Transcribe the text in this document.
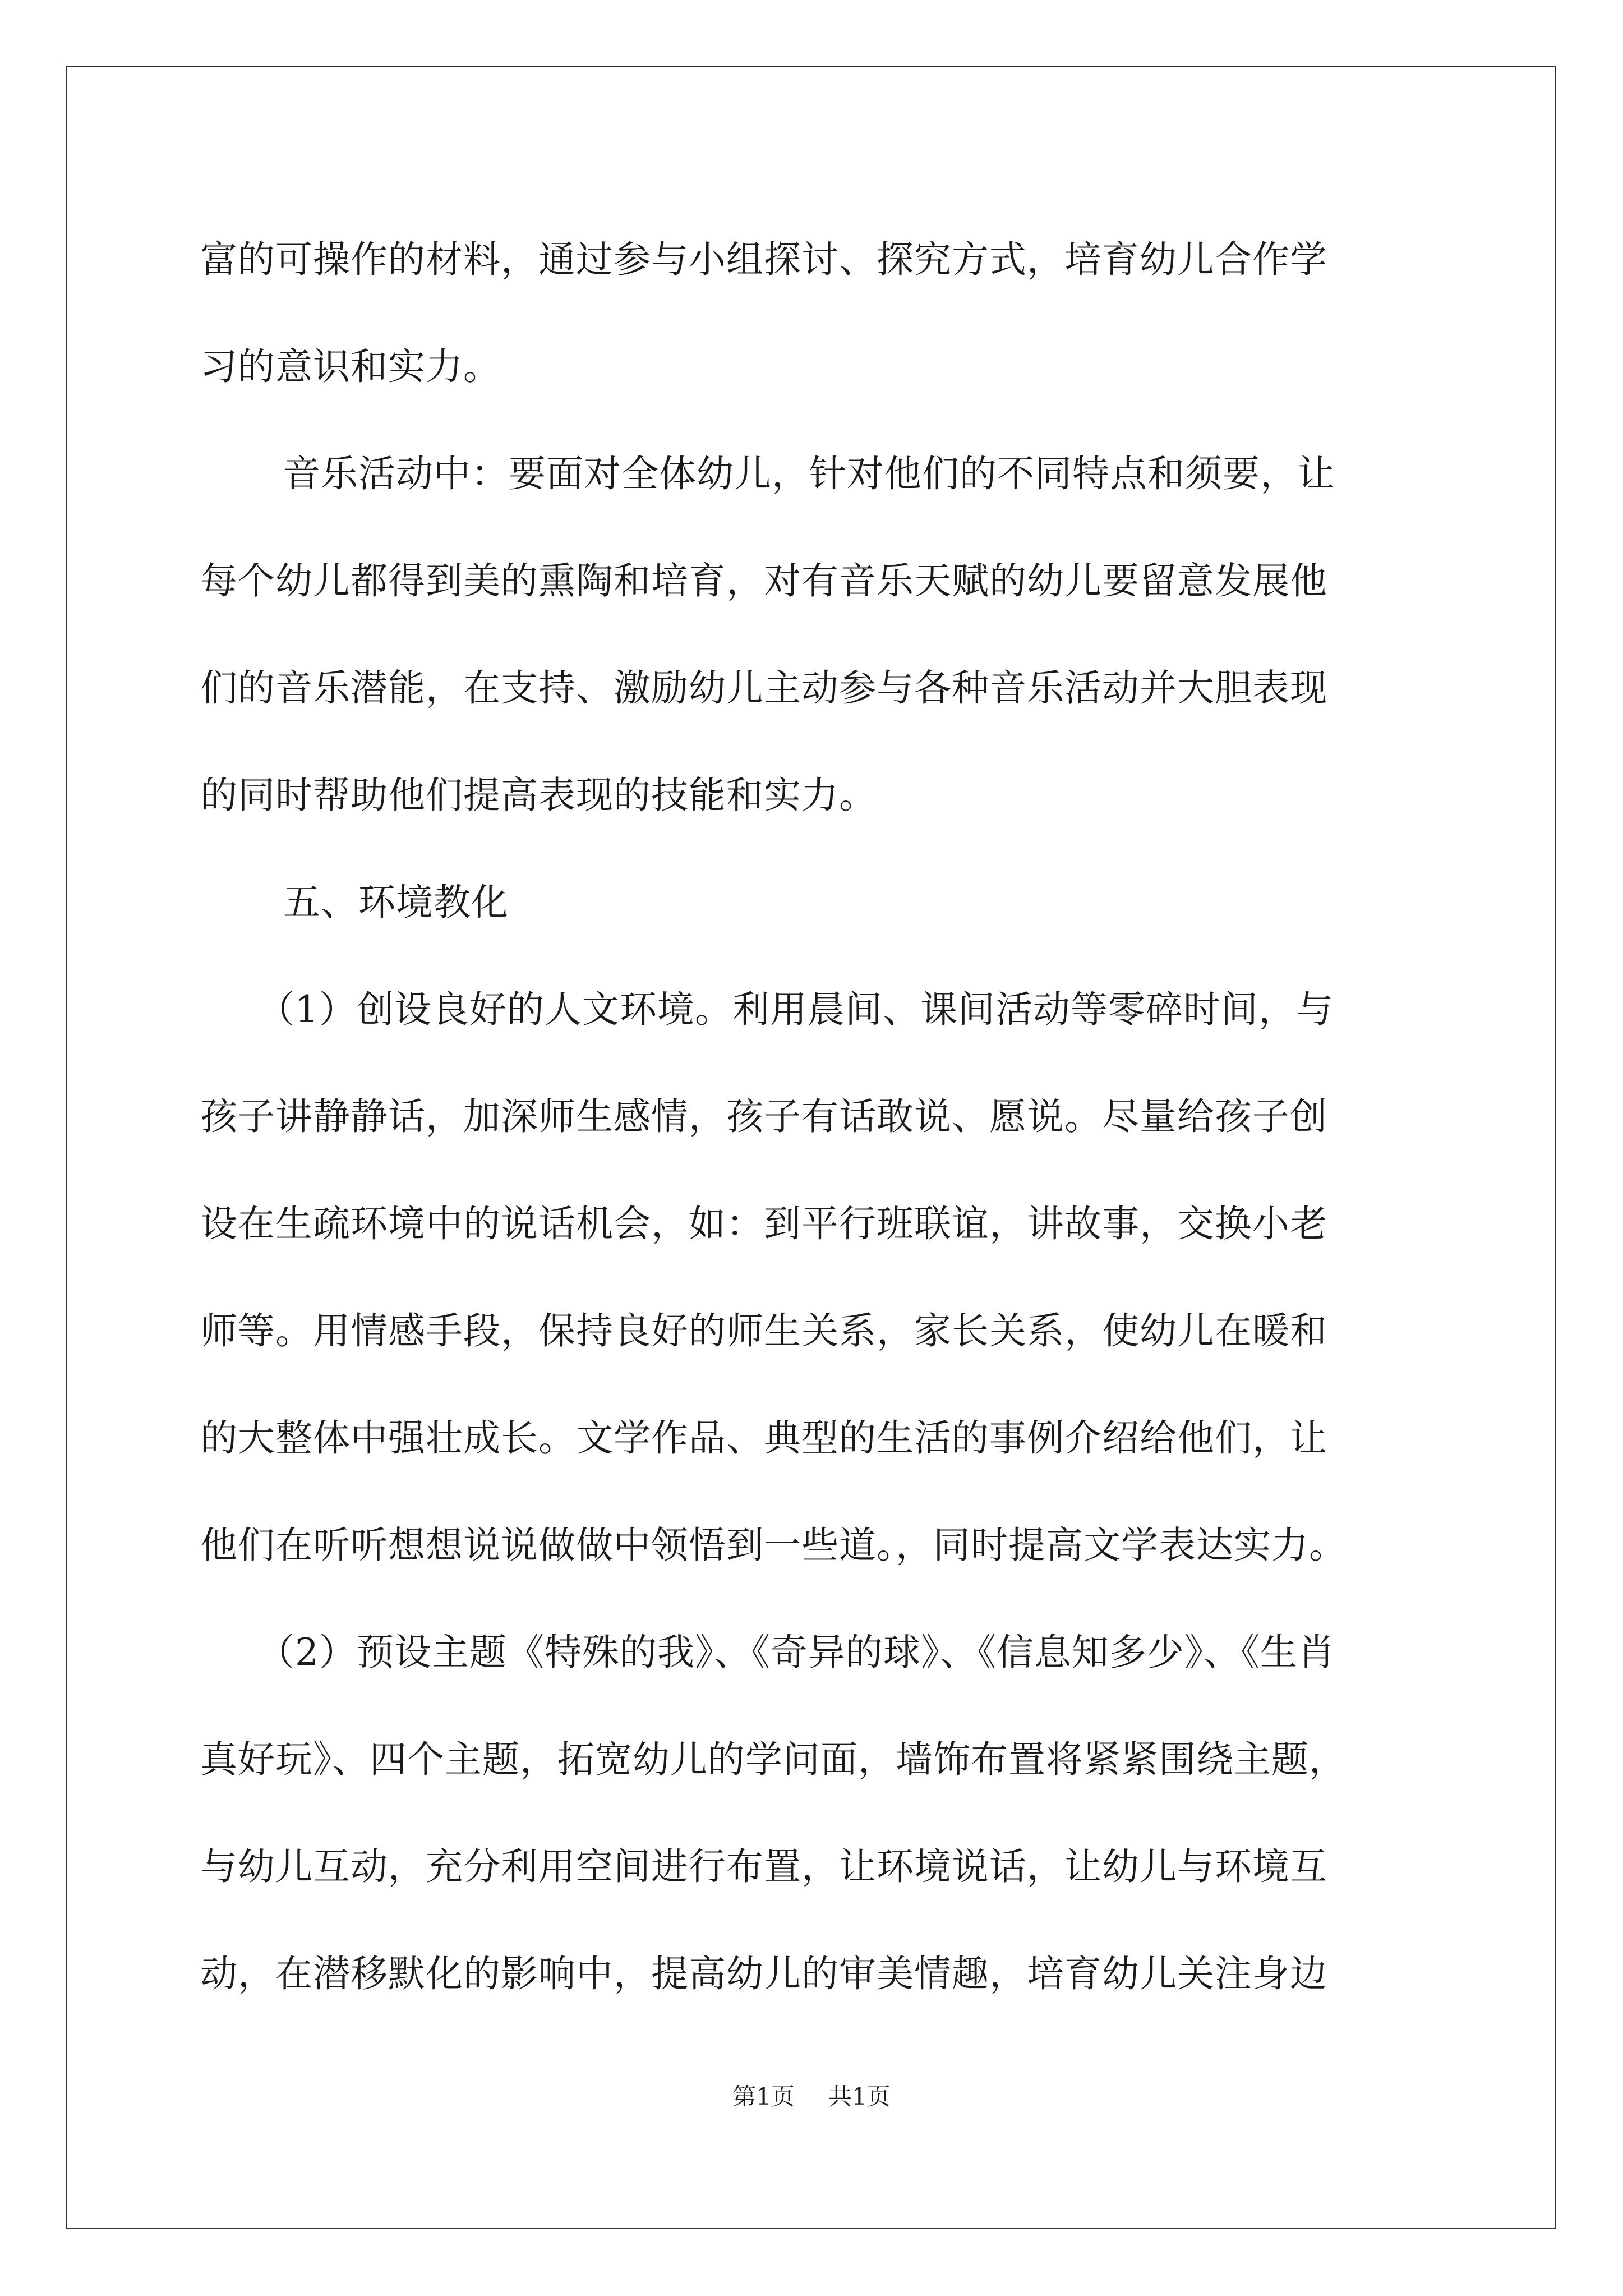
富的可操作的材料，通过参与小组探讨、探究方式，培育幼儿合作学
习的意识和实力。
音乐活动中：要面对全体幼儿，针对他们的不同特点和须要，让
每个幼儿都得到美的熏陶和培育，对有音乐天赋的幼儿要留意发展他
们的音乐潜能，在支持、激励幼儿主动参与各种音乐活动并大胆表现
的同时帮助他们提高表现的技能和实力。
五、环境教化
（1）创设良好的人文环境。利用晨间、课间活动等零碎时间，与
孩子讲静静话，加深师生感情，孩子有话敢说、愿说。尽量给孩子创
设在生疏环境中的说话机会，如：到平行班联谊，讲故事，交换小老
师等。用情感手段，保持良好的师生关系，家长关系，使幼儿在暖和
的大整体中强壮成长。文学作品、典型的生活的事例介绍给他们，让
他们在听听想想说说做做中领悟到一些道。，同时提高文学表达实力。
（2）预设主题《特殊的我》、《奇异的球》、《信息知多少》、《生肖
真好玩》、四个主题，拓宽幼儿的学问面，墙饰布置将紧紧围绕主题，
与幼儿互动，充分利用空间进行布置，让环境说话，让幼儿与环境互
动，在潜移默化的影响中，提高幼儿的审美情趣，培育幼儿关注身边
第1页 共1页
